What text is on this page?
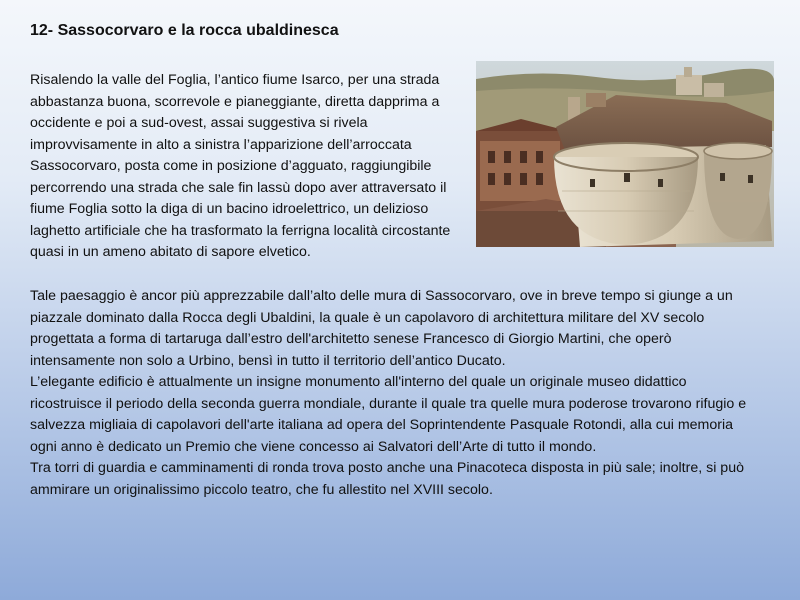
12- Sassocorvaro e la rocca ubaldinesca

Risalendo la valle del Foglia, l’antico fiume Isarco, per una strada abbastanza buona, scorrevole e pianeggiante, diretta dapprima a occidente e poi a sud-ovest, assai suggestiva si rivela improvvisamente in alto a sinistra l’apparizione dell’arroccata Sassocorvaro, posta come in posizione d’agguato, raggiungibile percorrendo una strada che sale fin lassù dopo aver attraversato il fiume Foglia sotto la diga di un bacino idroelettrico, un delizioso laghetto artificiale che ha trasformato la ferrigna località circostante quasi in un ameno abitato di sapore elvetico.

Tale paesaggio è ancor più apprezzabile dall’alto delle mura di Sassocorvaro, ove in breve tempo si giunge a un piazzale dominato dalla Rocca degli Ubaldini, la quale è un capolavoro di architettura militare del XV secolo progettata a forma di tartaruga dall’estro dell'architetto senese Francesco di Giorgio Martini, che operò intensamente non solo a Urbino, bensì in tutto il territorio dell’antico Ducato.

L’elegante edificio è attualmente un insigne monumento all'interno del quale un originale museo didattico ricostruisce il periodo della seconda guerra mondiale, durante il quale tra quelle mura poderose trovarono rifugio e salvezza migliaia di capolavori dell'arte italiana ad opera del Soprintendente Pasquale Rotondi, alla cui memoria ogni anno è dedicato un Premio che viene concesso ai Salvatori dell’Arte di tutto il mondo.

Tra torri di guardia e camminamenti di ronda trova posto anche una Pinacoteca disposta in più sale; inoltre, si può ammirare un originalissimo piccolo teatro, che fu allestito nel XVIII secolo.
